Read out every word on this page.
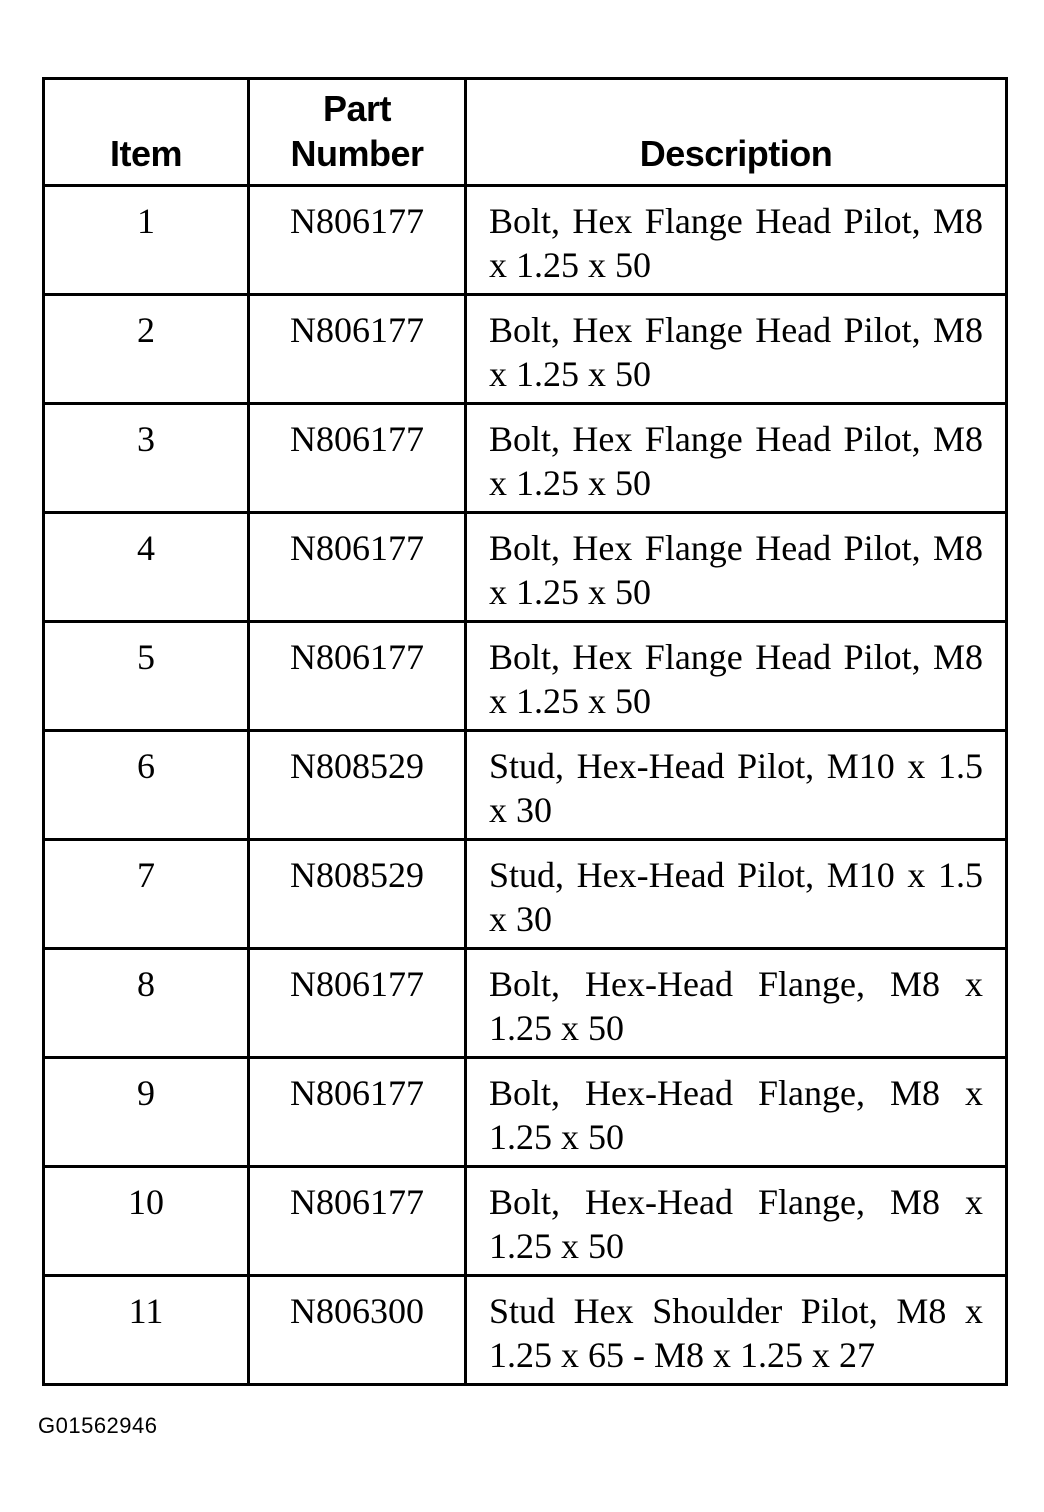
Item	Part Number	Description
1	N806177	Bolt, Hex Flange Head Pilot, M8 x 1.25 x 50
2	N806177	Bolt, Hex Flange Head Pilot, M8 x 1.25 x 50
3	N806177	Bolt, Hex Flange Head Pilot, M8 x 1.25 x 50
4	N806177	Bolt, Hex Flange Head Pilot, M8 x 1.25 x 50
5	N806177	Bolt, Hex Flange Head Pilot, M8 x 1.25 x 50
6	N808529	Stud, Hex-Head Pilot, M10 x 1.5 x 30
7	N808529	Stud, Hex-Head Pilot, M10 x 1.5 x 30
8	N806177	Bolt, Hex-Head Flange, M8 x 1.25 x 50
9	N806177	Bolt, Hex-Head Flange, M8 x 1.25 x 50
10	N806177	Bolt, Hex-Head Flange, M8 x 1.25 x 50
11	N806300	Stud Hex Shoulder Pilot, M8 x 1.25 x 65 - M8 x 1.25 x 27
G01562946
